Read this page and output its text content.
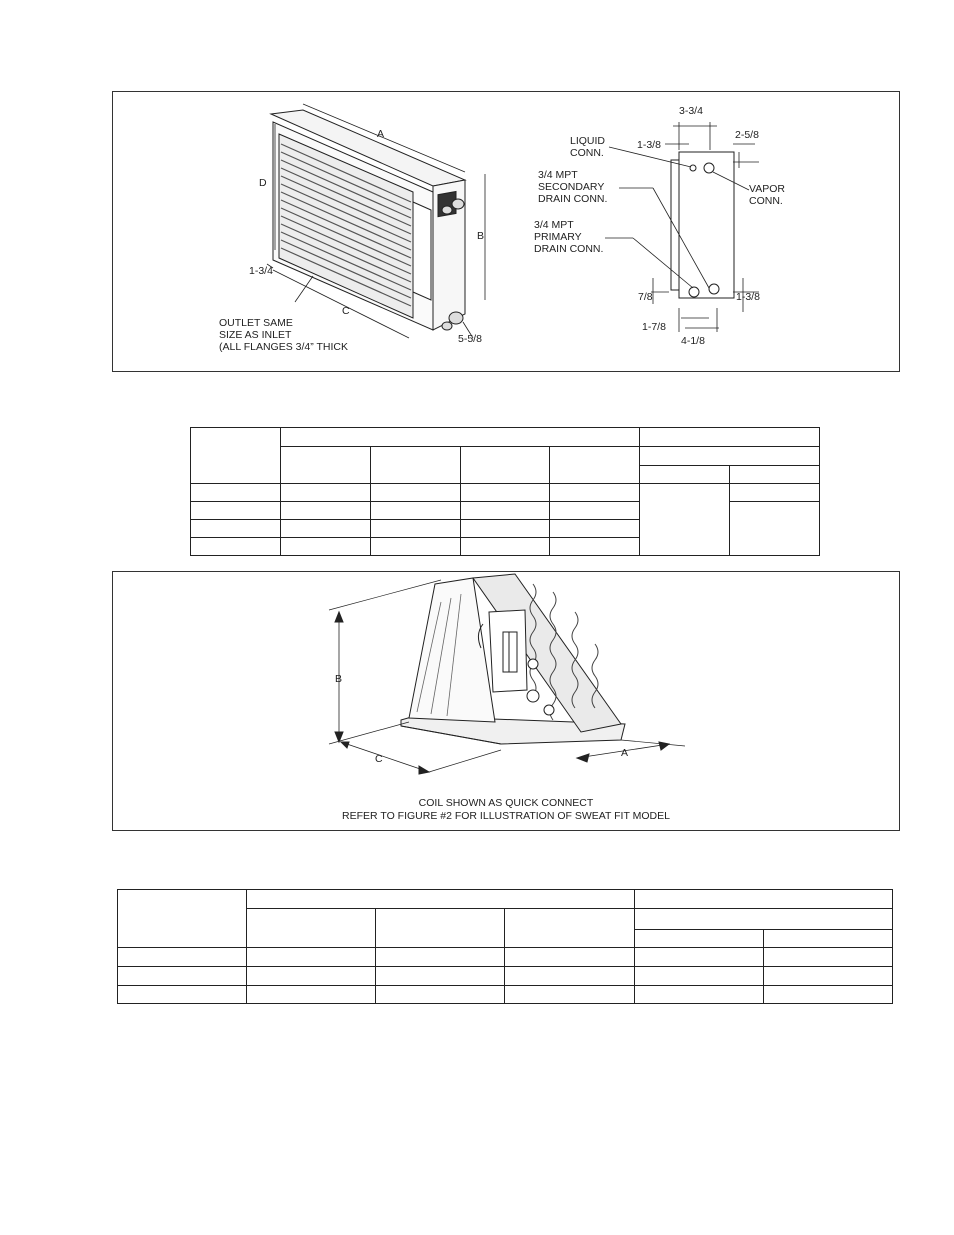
A
D
B
1-3/4
C
5-5/8
OUTLET SAME
SIZE AS INLET
(ALL FLANGES 3/4” THICK
3-3/4
2-5/8
LIQUID
CONN.
1-3/8
3/4 MPT
SECONDARY
DRAIN CONN.
VAPOR
CONN.
3/4 MPT
PRIMARY
DRAIN CONN.
7/8	1-3/8
1-7/8
4-1/8

B
C	A
COIL SHOWN AS QUICK CONNECT
REFER TO FIGURE #2 FOR ILLUSTRATION OF SWEAT FIT MODEL
